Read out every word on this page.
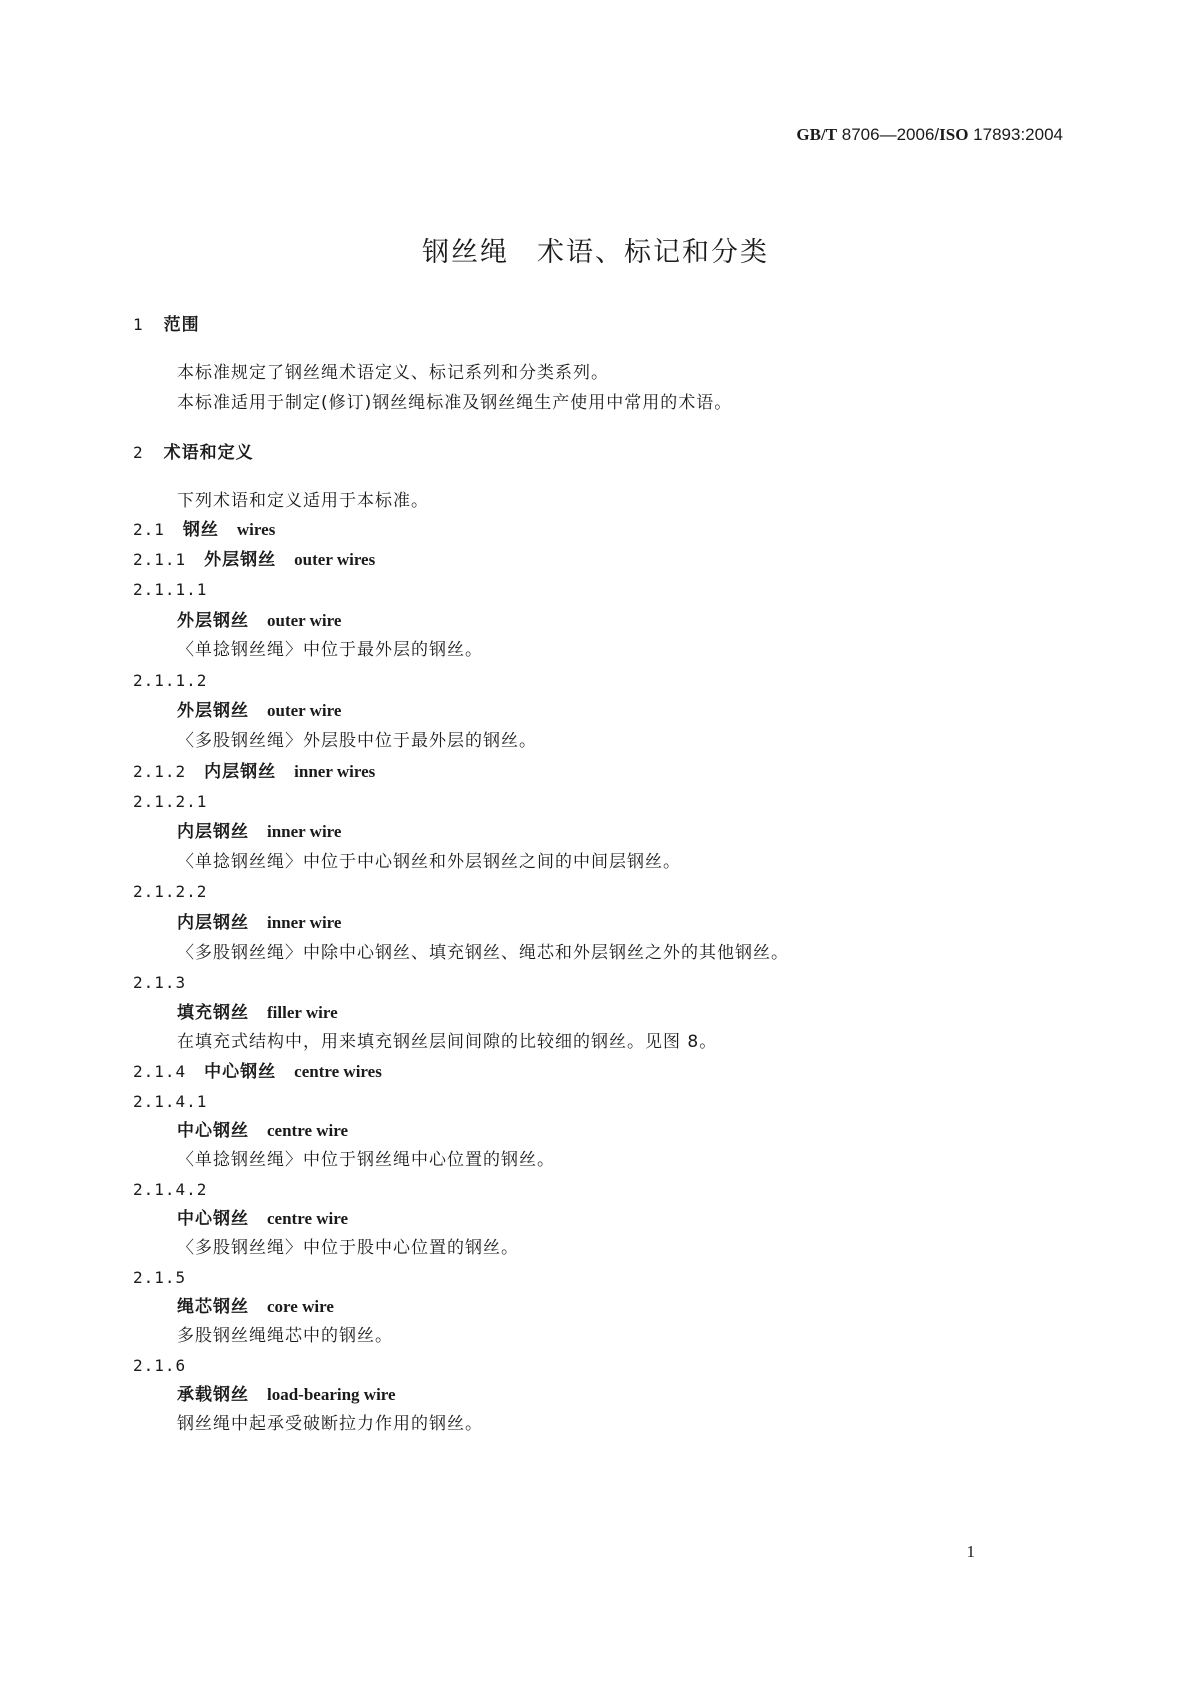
GB/T 8706—2006/ISO 17893:2004
钢丝绳 术语、标记和分类
1 范围
本标准规定了钢丝绳术语定义、标记系列和分类系列。
本标准适用于制定(修订)钢丝绳标准及钢丝绳生产使用中常用的术语。
2 术语和定义
下列术语和定义适用于本标准。
2.1 钢丝 wires
2.1.1 外层钢丝 outer wires
2.1.1.1
外层钢丝 outer wire
〈单捻钢丝绳〉中位于最外层的钢丝。
2.1.1.2
外层钢丝 outer wire
〈多股钢丝绳〉外层股中位于最外层的钢丝。
2.1.2 内层钢丝 inner wires
2.1.2.1
内层钢丝 inner wire
〈单捻钢丝绳〉中位于中心钢丝和外层钢丝之间的中间层钢丝。
2.1.2.2
内层钢丝 inner wire
〈多股钢丝绳〉中除中心钢丝、填充钢丝、绳芯和外层钢丝之外的其他钢丝。
2.1.3
填充钢丝 filler wire
在填充式结构中，用来填充钢丝层间间隙的比较细的钢丝。见图 8。
2.1.4 中心钢丝 centre wires
2.1.4.1
中心钢丝 centre wire
〈单捻钢丝绳〉中位于钢丝绳中心位置的钢丝。
2.1.4.2
中心钢丝 centre wire
〈多股钢丝绳〉中位于股中心位置的钢丝。
2.1.5
绳芯钢丝 core wire
多股钢丝绳绳芯中的钢丝。
2.1.6
承载钢丝 load-bearing wire
钢丝绳中起承受破断拉力作用的钢丝。
1
